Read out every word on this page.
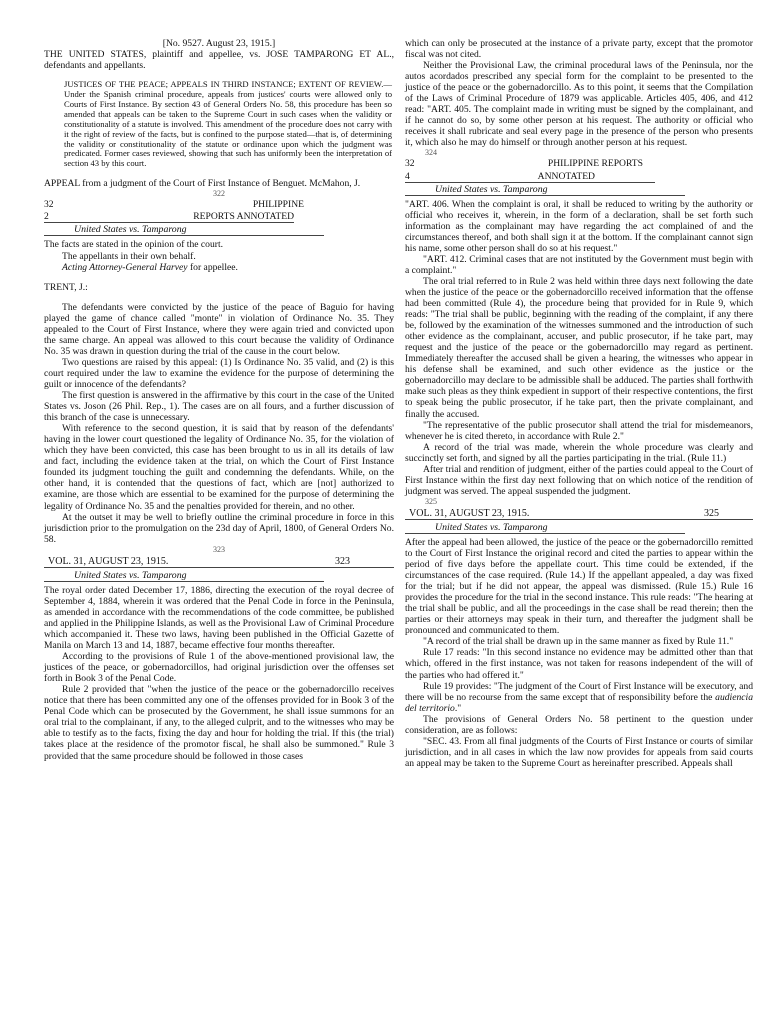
[No. 9527. August 23, 1915.]

THE UNITED STATES, plaintiff and appellee, vs. JOSE TAMPARONG ET AL., defendants and appellants.

JUSTICES OF THE PEACE; APPEALS IN THIRD INSTANCE; EXTENT OF REVIEW.—Under the Spanish criminal procedure, appeals from justices' courts were allowed only to Courts of First Instance. By section 43 of General Orders No. 58, this procedure has been so amended that appeals can be taken to the Supreme Court in such cases when the validity or constitutionality of a statute is involved. This amendment of the procedure does not carry with it the right of review of the facts, but is confined to the purpose stated—that is, of determining the validity or constitutionality of the statute or ordinance upon which the judgment was predicated. Former cases reviewed, showing that such has uniformly been the interpretation of section 43 by this court.

APPEAL from a judgment of the Court of First Instance of Benguet. McMahon, J.

322
32	PHILIPPINE
2	REPORTS ANNOTATED
United States vs. Tamparong

The facts are stated in the opinion of the court.

The appellants in their own behalf.

Acting Attorney-General Harvey for appellee.

TRENT, J.:

The defendants were convicted by the justice of the peace of Baguio for having played the game of chance called "monte" in violation of Ordinance No. 35. They appealed to the Court of First Instance, where they were again tried and convicted upon the same charge. An appeal was allowed to this court because the validity of Ordinance No. 35 was drawn in question during the trial of the cause in the court below.

Two questions are raised by this appeal: (1) Is Ordinance No. 35 valid, and (2) is this court required under the law to examine the evidence for the purpose of determining the guilt or innocence of the defendants?

The first question is answered in the affirmative by this court in the case of the United States vs. Joson (26 Phil. Rep., 1). The cases are on all fours, and a further discussion of this branch of the case is unnecessary.

With reference to the second question, it is said that by reason of the defendants' having in the lower court questioned the legality of Ordinance No. 35, for the violation of which they have been convicted, this case has been brought to us in all its details of law and fact, including the evidence taken at the trial, on which the Court of First Instance founded its judgment touching the guilt and condemning the defendants. While, on the other hand, it is contended that the questions of fact, which are [not] authorized to examine, are those which are essential to be examined for the purpose of determining the legality of Ordinance No. 35 and the penalties provided for therein, and no other.

At the outset it may be well to briefly outline the criminal procedure in force in this jurisdiction prior to the promulgation on the 23d day of April, 1800, of General Orders No. 58.

323
VOL. 31, AUGUST 23, 1915.	323
United States vs. Tamparong

The royal order dated December 17, 1886, directing the execution of the royal decree of September 4, 1884, wherein it was ordered that the Penal Code in force in the Peninsula, as amended in accordance with the recommendations of the code committee, be published and applied in the Philippine Islands, as well as the Provisional Law of Criminal Procedure which accompanied it. These two laws, having been published in the Official Gazette of Manila on March 13 and 14, 1887, became effective four months thereafter.

According to the provisions of Rule 1 of the above-mentioned provisional law, the justices of the peace, or gobernadorcillos, had original jurisdiction over the offenses set forth in Book 3 of the Penal Code.

Rule 2 provided that "when the justice of the peace or the gobernadorcillo receives notice that there has been committed any one of the offenses provided for in Book 3 of the Penal Code which can be prosecuted by the Government, he shall issue summons for an oral trial to the complainant, if any, to the alleged culprit, and to the witnesses who may be able to testify as to the facts, fixing the day and hour for holding the trial. If this (the trial) takes place at the residence of the promotor fiscal, he shall also be summoned." Rule 3 provided that the same procedure should be followed in those cases

which can only be prosecuted at the instance of a private party, except that the promotor fiscal was not cited.

Neither the Provisional Law, the criminal procedural laws of the Peninsula, nor the autos acordados prescribed any special form for the complaint to be presented to the justice of the peace or the gobernadorcillo. As to this point, it seems that the Compilation of the Laws of Criminal Procedure of 1879 was applicable. Articles 405, 406, and 412 read: "ART. 405. The complaint made in writing must be signed by the complainant, and if he cannot do so, by some other person at his request. The authority or official who receives it shall rubricate and seal every page in the presence of the person who presents it, which also he may do himself or through another person at his request.

324
32	PHILIPPINE REPORTS
4	ANNOTATED
United States vs. Tamparong

"ART. 406. When the complaint is oral, it shall be reduced to writing by the authority or official who receives it, wherein, in the form of a declaration, shall be set forth such information as the complainant may have regarding the act complained of and the circumstances thereof, and both shall sign it at the bottom. If the complainant cannot sign his name, some other person shall do so at his request."

"ART. 412. Criminal cases that are not instituted by the Government must begin with a complaint."

The oral trial referred to in Rule 2 was held within three days next following the date when the justice of the peace or the gobernadorcillo received information that the offense had been committed (Rule 4), the procedure being that provided for in Rule 9, which reads: "The trial shall be public, beginning with the reading of the complaint, if any there be, followed by the examination of the witnesses summoned and the introduction of such other evidence as the complainant, accuser, and public prosecutor, if he take part, may request and the justice of the peace or the gobernadorcillo may regard as pertinent. Immediately thereafter the accused shall be given a hearing, the witnesses who appear in his defense shall be examined, and such other evidence as the justice or the gobernadorcillo may declare to be admissible shall be adduced. The parties shall forthwith make such pleas as they think expedient in support of their respective contentions, the first to speak being the public prosecutor, if he take part, then the private complainant, and finally the accused.

"The representative of the public prosecutor shall attend the trial for misdemeanors, whenever he is cited thereto, in accordance with Rule 2."

A record of the trial was made, wherein the whole procedure was clearly and succinctly set forth, and signed by all the parties participating in the trial. (Rule 11.)

After trial and rendition of judgment, either of the parties could appeal to the Court of First Instance within the first day next following that on which notice of the rendition of judgment was served. The appeal suspended the judgment.

325
VOL. 31, AUGUST 23, 1915.	325
United States vs. Tamparong

After the appeal had been allowed, the justice of the peace or the gobernadorcillo remitted to the Court of First Instance the original record and cited the parties to appear within the period of five days before the appellate court. This time could be extended, if the circumstances of the case required. (Rule 14.) If the appellant appealed, a day was fixed for the trial; but if he did not appear, the appeal was dismissed. (Rule 15.) Rule 16 provides the procedure for the trial in the second instance. This rule reads: "The hearing at the trial shall be public, and all the proceedings in the case shall be read therein; then the parties or their attorneys may speak in their turn, and thereafter the judgment shall be pronounced and communicated to them.

"A record of the trial shall be drawn up in the same manner as fixed by Rule 11."

Rule 17 reads: "In this second instance no evidence may be admitted other than that which, offered in the first instance, was not taken for reasons independent of the will of the parties who had offered it."

Rule 19 provides: "The judgment of the Court of First Instance will be executory, and there will be no recourse from the same except that of responsibility before the audiencia del territorio."

The provisions of General Orders No. 58 pertinent to the question under consideration, are as follows:

"SEC. 43. From all final judgments of the Courts of First Instance or courts of similar jurisdiction, and in all cases in which the law now provides for appeals from said courts an appeal may be taken to the Supreme Court as hereinafter prescribed. Appeals shall
